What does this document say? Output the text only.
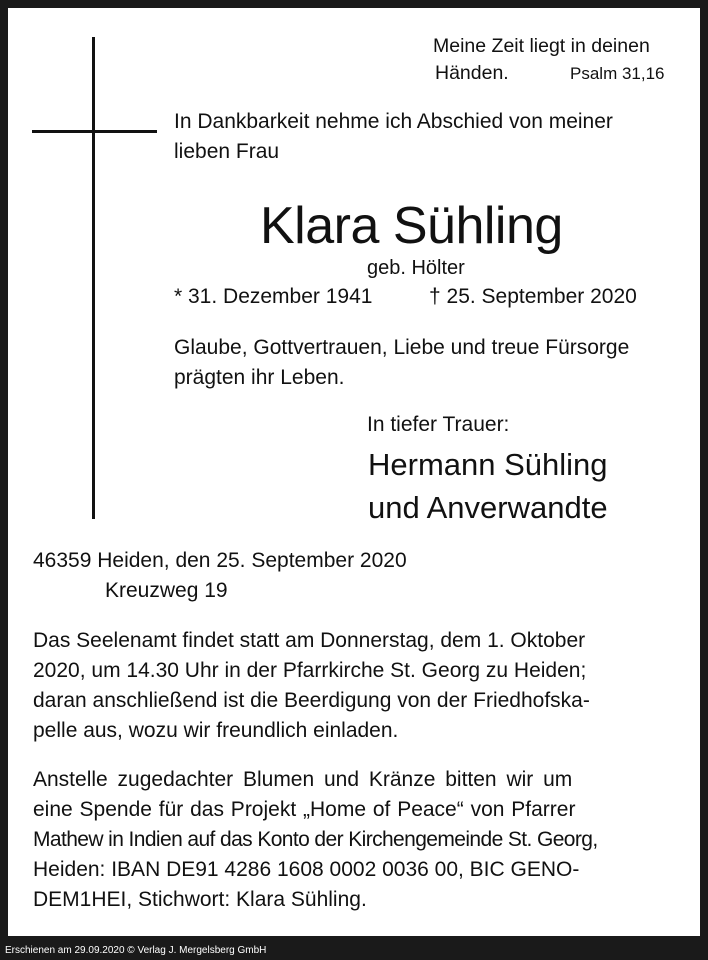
Meine Zeit liegt in deinen

Händen.	Psalm 31,16

In Dankbarkeit nehme ich Abschied von meiner

lieben Frau

Klara Sühling

geb. Hölter

* 31. Dezember 1941	† 25. September 2020

Glaube, Gottvertrauen, Liebe und treue Fürsorge

prägten ihr Leben.

In tiefer Trauer:

Hermann Sühling

und Anverwandte

46359 Heiden, den 25. September 2020

Kreuzweg 19

Das Seelenamt findet statt am Donnerstag, dem 1. Oktober
2020, um 14.30 Uhr in der Pfarrkirche St. Georg zu Heiden;
daran anschließend ist die Beerdigung von der Friedhofska-
pelle aus, wozu wir freundlich einladen.
Anstelle zugedachter Blumen und Kränze bitten wir um
eine Spende für das Projekt „Home of Peace“ von Pfarrer
Mathew in Indien auf das Konto der Kirchengemeinde St. Georg,
Heiden: IBAN DE91 4286 1608 0002 0036 00, BIC GENO-
DEM1HEI, Stichwort: Klara Sühling.
Erschienen am 29.09.2020 © Verlag J. Mergelsberg GmbH
